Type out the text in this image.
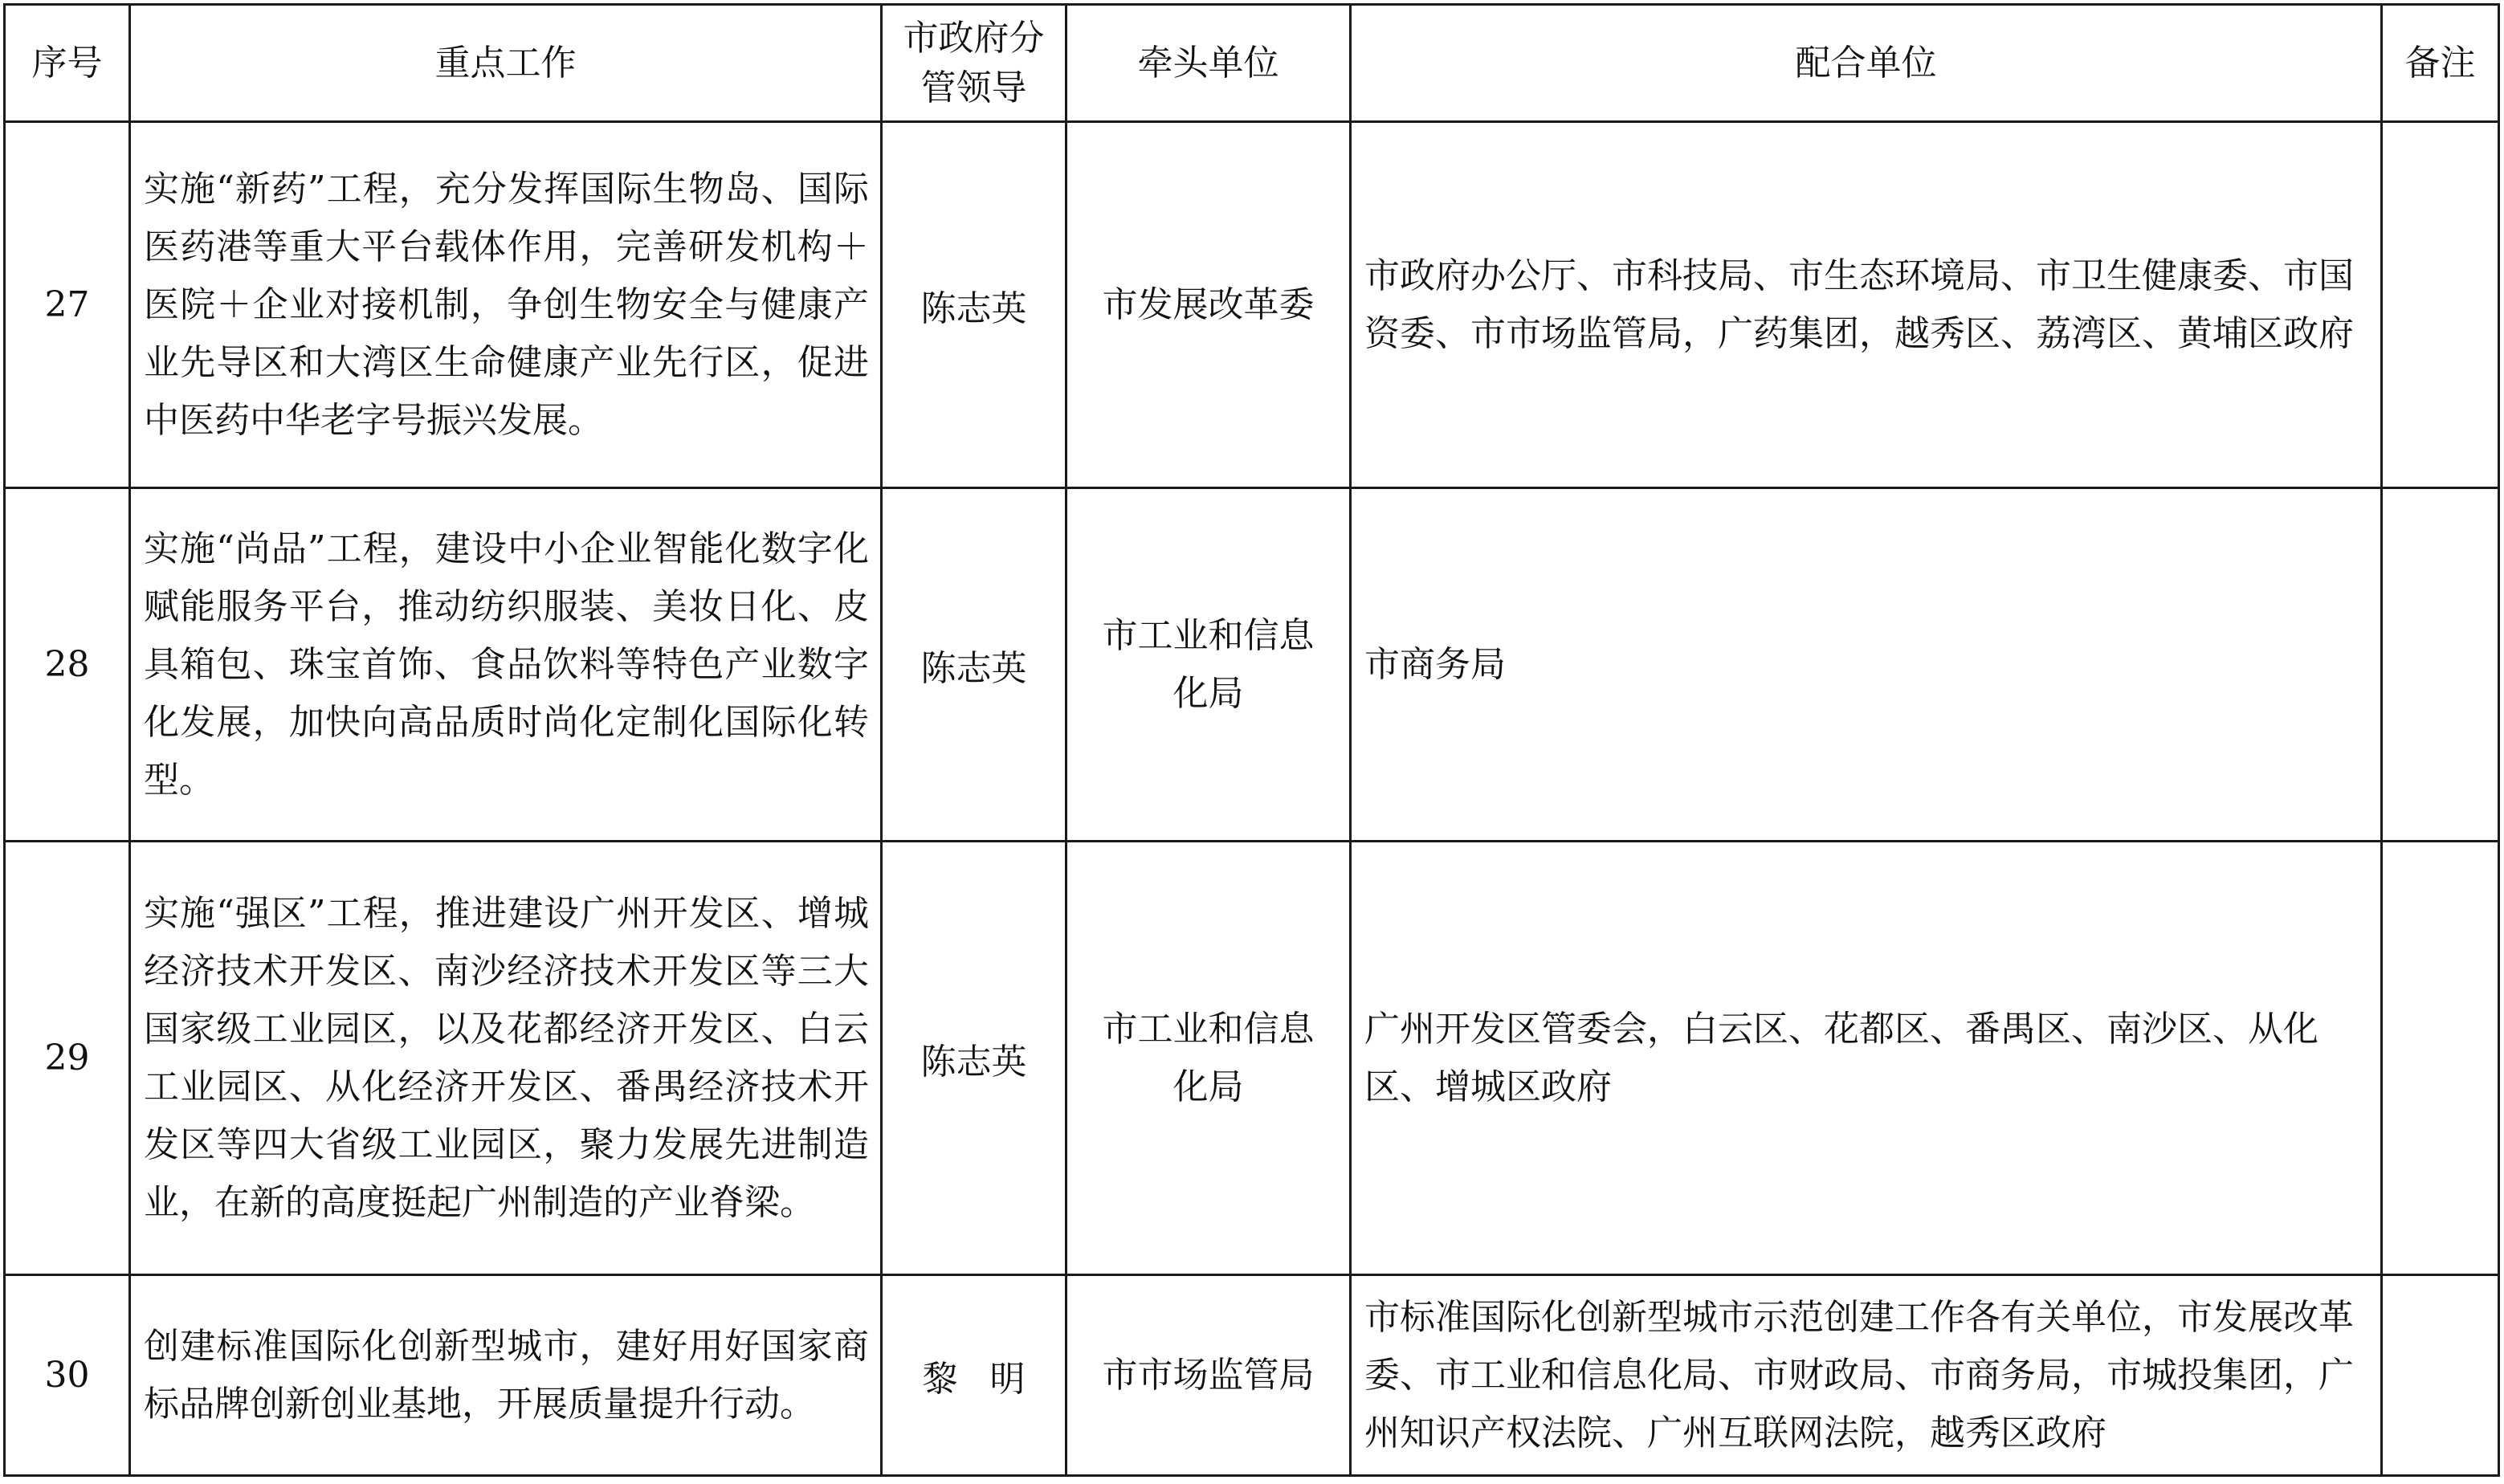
序号	重点工作	市政府分管领导	牵头单位	配合单位	备注
27	实施“新药”工程，充分发挥国际生物岛、国际医药港等重大平台载体作用，完善研发机构＋医院＋企业对接机制，争创生物安全与健康产业先导区和大湾区生命健康产业先行区，促进中医药中华老字号振兴发展。	陈志英	市发展改革委	市政府办公厅、市科技局、市生态环境局、市卫生健康委、市国资委、市市场监管局，广药集团，越秀区、荔湾区、黄埔区政府	
28	实施“尚品”工程，建设中小企业智能化数字化赋能服务平台，推动纺织服装、美妆日化、皮具箱包、珠宝首饰、食品饮料等特色产业数字化发展，加快向高品质时尚化定制化国际化转型。	陈志英	市工业和信息化局	市商务局	
29	实施“强区”工程，推进建设广州开发区、增城经济技术开发区、南沙经济技术开发区等三大国家级工业园区，以及花都经济开发区、白云工业园区、从化经济开发区、番禺经济技术开发区等四大省级工业园区，聚力发展先进制造业，在新的高度挺起广州制造的产业脊梁。	陈志英	市工业和信息化局	广州开发区管委会，白云区、花都区、番禺区、南沙区、从化区、增城区政府	
30	创建标准国际化创新型城市，建好用好国家商标品牌创新创业基地，开展质量提升行动。	黎明	市市场监管局	市标准国际化创新型城市示范创建工作各有关单位，市发展改革委、市工业和信息化局、市财政局、市商务局，市城投集团，广州知识产权法院、广州互联网法院，越秀区政府	
